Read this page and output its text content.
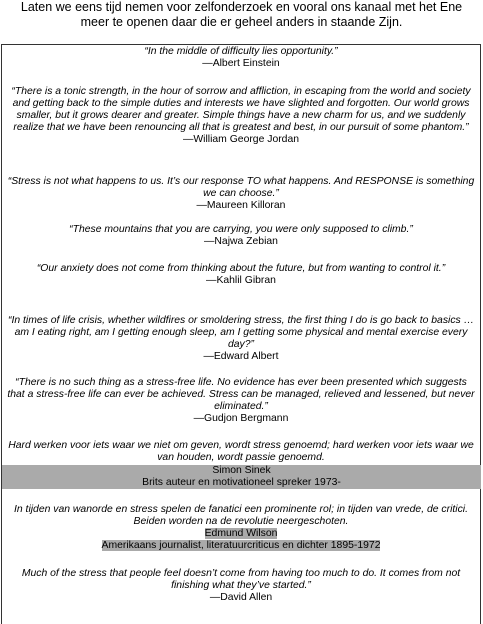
Laten we eens tijd nemen voor zelfonderzoek en vooral ons kanaal met het Ene meer te openen daar die er geheel anders in staande Zijn.
“In the middle of difficulty lies opportunity.”
—Albert Einstein
“There is a tonic strength, in the hour of sorrow and affliction, in escaping from the world and society and getting back to the simple duties and interests we have slighted and forgotten. Our world grows smaller, but it grows dearer and greater. Simple things have a new charm for us, and we suddenly realize that we have been renouncing all that is greatest and best, in our pursuit of some phantom.”
—William George Jordan
“Stress is not what happens to us. It’s our response TO what happens. And RESPONSE is something we can choose.”
—Maureen Killoran
“These mountains that you are carrying, you were only supposed to climb.”
—Najwa Zebian
“Our anxiety does not come from thinking about the future, but from wanting to control it.”
—Kahlil Gibran
“In times of life crisis, whether wildfires or smoldering stress, the first thing I do is go back to basics … am I eating right, am I getting enough sleep, am I getting some physical and mental exercise every day?”
—Edward Albert
“There is no such thing as a stress-free life. No evidence has ever been presented which suggests that a stress-free life can ever be achieved. Stress can be managed, relieved and lessened, but never eliminated.”
—Gudjon Bergmann
Hard werken voor iets waar we niet om geven, wordt stress genoemd; hard werken voor iets waar we van houden, wordt passie genoemd.
Simon Sinek
Brits auteur en motivationeel spreker 1973-
In tijden van wanorde en stress spelen de fanatici een prominente rol; in tijden van vrede, de critici. Beiden worden na de revolutie neergeschoten.
Edmund Wilson
Amerikaans journalist, literatuurcriticus en dichter 1895-1972
Much of the stress that people feel doesn’t come from having too much to do. It comes from not finishing what they’ve started.”
—David Allen
